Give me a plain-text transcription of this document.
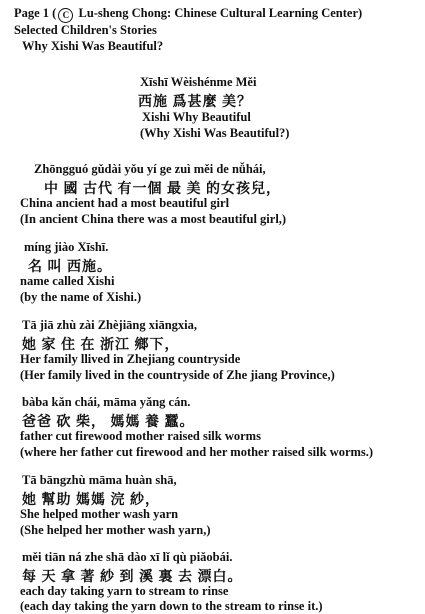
Page 1 ( C Lu-sheng Chong: Chinese Cultural Learning Center)
Selected Children's Stories
Why Xishi Was Beautiful?
Xīshī Wèishénme Měi
西施 爲甚麼 美？
Xishi Why Beautiful
(Why Xishi Was Beautiful?)
Zhōngguó gǔdài yǒu yí ge zuì měi de nǚhái,
中 國 古代 有一個 最 美 的女孩兒，
China ancient had a most beautiful girl
(In ancient China there was a most beautiful girl,)
míng jiào Xīshī.
名 叫 西施。
name called Xishi
(by the name of Xishi.)
Tā jiā zhù zài Zhèjiāng xiāngxia,
她 家 住 在 浙江 鄉下，
Her family llived in Zhejiang countryside
(Her family lived in the countryside of Zhe jiang Province,)
bàba kǎn chái, māma yǎng cán.
爸爸 砍 柴， 媽媽 養 蠶。
father cut firewood mother raised silk worms
(where her father cut firewood and her mother raised silk worms.)
Tā bāngzhù māma huàn shā,
她 幫助 媽媽 浣 紗，
She helped mother wash yarn
(She helped her mother wash yarn,)
měi tiān ná zhe shā dào xī lǐ qù piǎobái.
每 天 拿 著 紗 到 溪 裏 去 漂白。
each day taking yarn to stream to rinse
(each day taking the yarn down to the stream to rinse it.)
